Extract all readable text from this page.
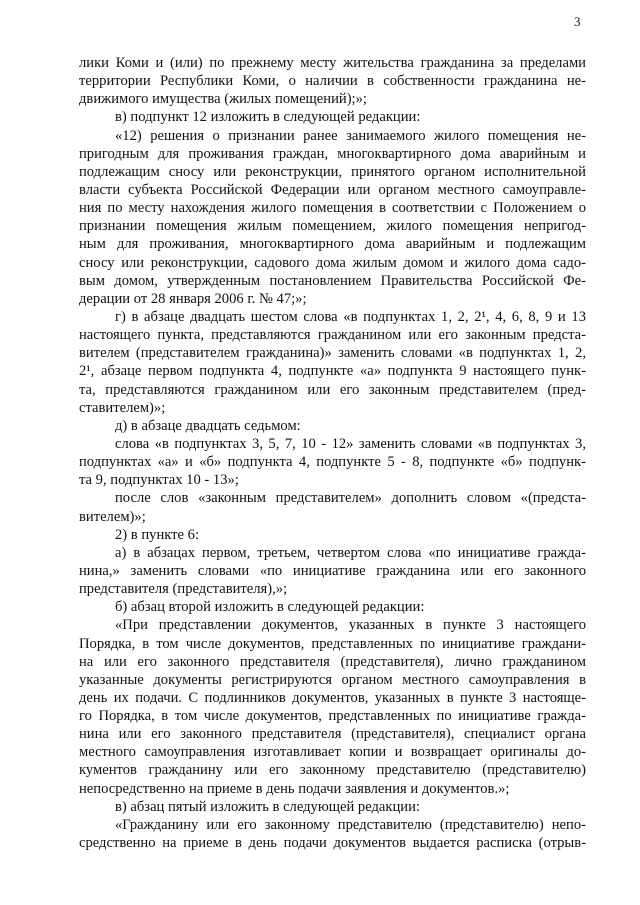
3
лики Коми и (или) по прежнему месту жительства гражданина за пределами
территории Республики Коми, о наличии в собственности гражданина не-
движимого имущества (жилых помещений);»;
в) подпункт 12 изложить в следующей редакции:
«12) решения о признании ранее занимаемого жилого помещения не-
пригодным для проживания граждан, многоквартирного дома аварийным и
подлежащим сносу или реконструкции, принятого органом исполнительной
власти субъекта Российской Федерации или органом местного самоуправле-
ния по месту нахождения жилого помещения в соответствии с Положением о
признании помещения жилым помещением, жилого помещения непригод-
ным для проживания, многоквартирного дома аварийным и подлежащим
сносу или реконструкции, садового дома жилым домом и жилого дома садо-
вым домом, утвержденным постановлением Правительства Российской Фе-
дерации от 28 января 2006 г. № 47;»;
г) в абзаце двадцать шестом слова «в подпунктах 1, 2, 2¹, 4, 6, 8, 9 и 13
настоящего пункта, представляются гражданином или его законным предста-
вителем (представителем гражданина)» заменить словами «в подпунктах 1, 2,
2¹, абзаце первом подпункта 4, подпункте «а» подпункта 9 настоящего пунк-
та, представляются гражданином или его законным представителем (пред-
ставителем)»;
д) в абзаце двадцать седьмом:
слова «в подпунктах 3, 5, 7, 10 - 12» заменить словами «в подпунктах 3,
подпунктах «а» и «б» подпункта 4, подпункте 5 - 8, подпункте «б» подпунк-
та 9, подпунктах 10 - 13»;
после слов «законным представителем» дополнить словом «(предста-
вителем)»;
2) в пункте 6:
а) в абзацах первом, третьем, четвертом слова «по инициативе гражда-
нина,» заменить словами «по инициативе гражданина или его законного
представителя (представителя),»;
б) абзац второй изложить в следующей редакции:
«При представлении документов, указанных в пункте 3 настоящего
Порядка, в том числе документов, представленных по инициативе граждани-
на или его законного представителя (представителя), лично гражданином
указанные документы регистрируются органом местного самоуправления в
день их подачи. С подлинников документов, указанных в пункте 3 настояще-
го Порядка, в том числе документов, представленных по инициативе гражда-
нина или его законного представителя (представителя), специалист органа
местного самоуправления изготавливает копии и возвращает оригиналы до-
кументов гражданину или его законному представителю (представителю)
непосредственно на приеме в день подачи заявления и документов.»;
в) абзац пятый изложить в следующей редакции:
«Гражданину или его законному представителю (представителю) непо-
средственно на приеме в день подачи документов выдается расписка (отрыв-
